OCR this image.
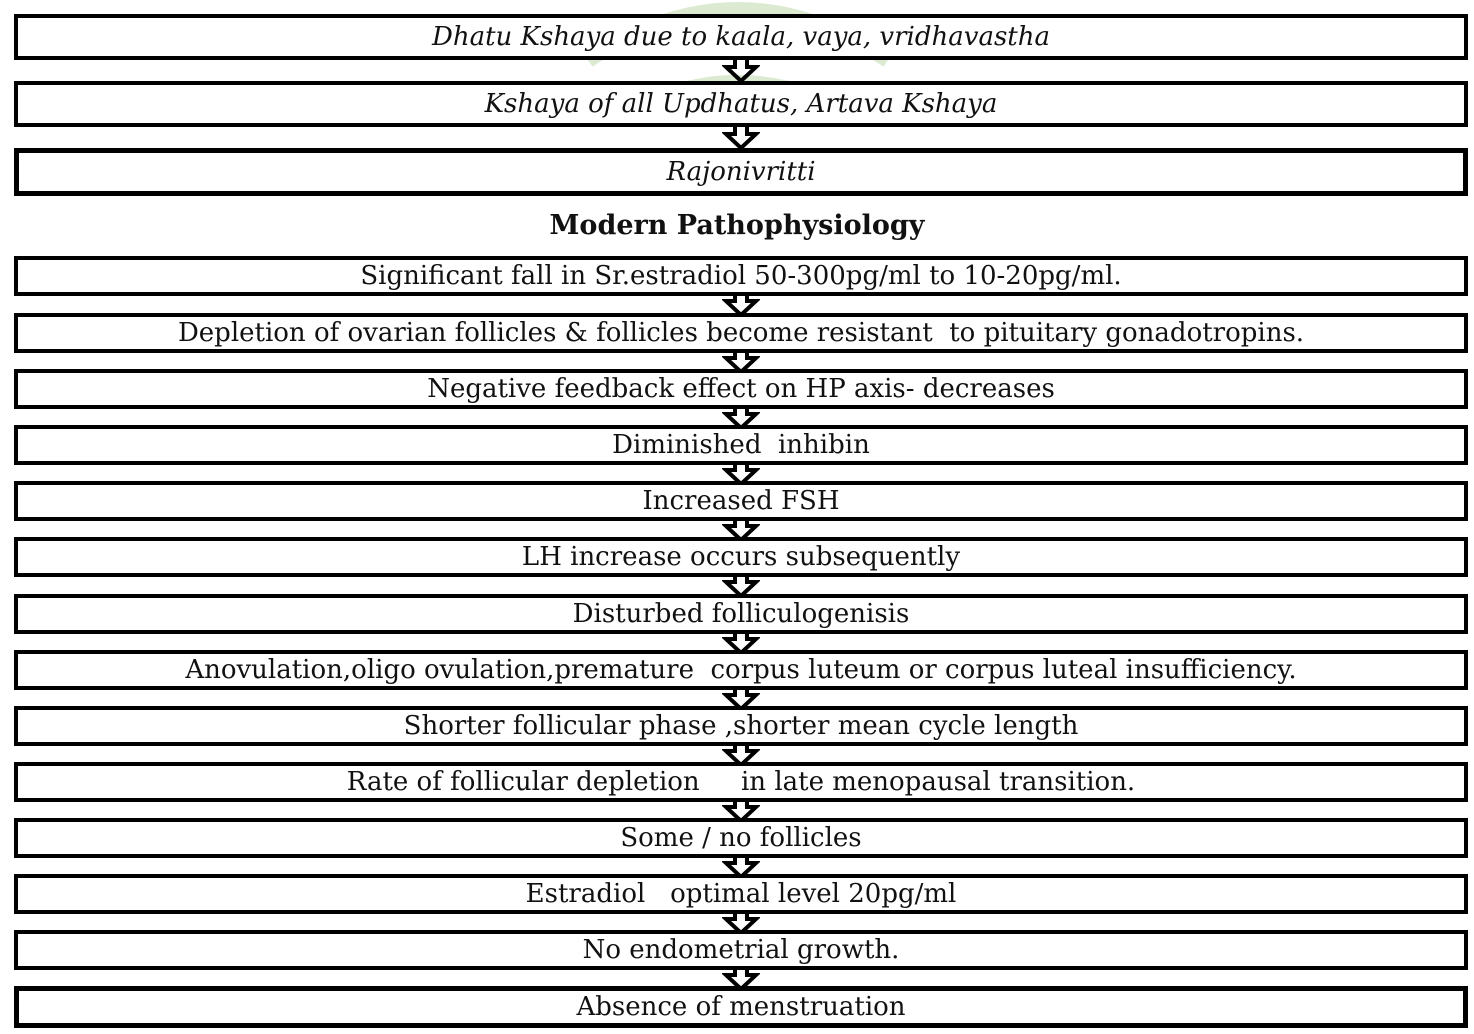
Dhatu Kshaya due to kaala, vaya, vridhavastha
Kshaya of all Updhatus, Artava Kshaya
Rajonivritti
Modern Pathophysiology
Significant fall in Sr.estradiol 50-300pg/ml to 10-20pg/ml.
Depletion of ovarian follicles & follicles become resistant  to pituitary gonadotropins.
Negative feedback effect on HP axis- decreases
Diminished  inhibin
Increased FSH
LH increase occurs subsequently
Disturbed folliculogenisis
Anovulation,oligo ovulation,premature  corpus luteum or corpus luteal insufficiency.
Shorter follicular phase ,shorter mean cycle length
Rate of follicular depletion     in late menopausal transition.
Some / no follicles
Estradiol   optimal level 20pg/ml
No endometrial growth.
Absence of menstruation
